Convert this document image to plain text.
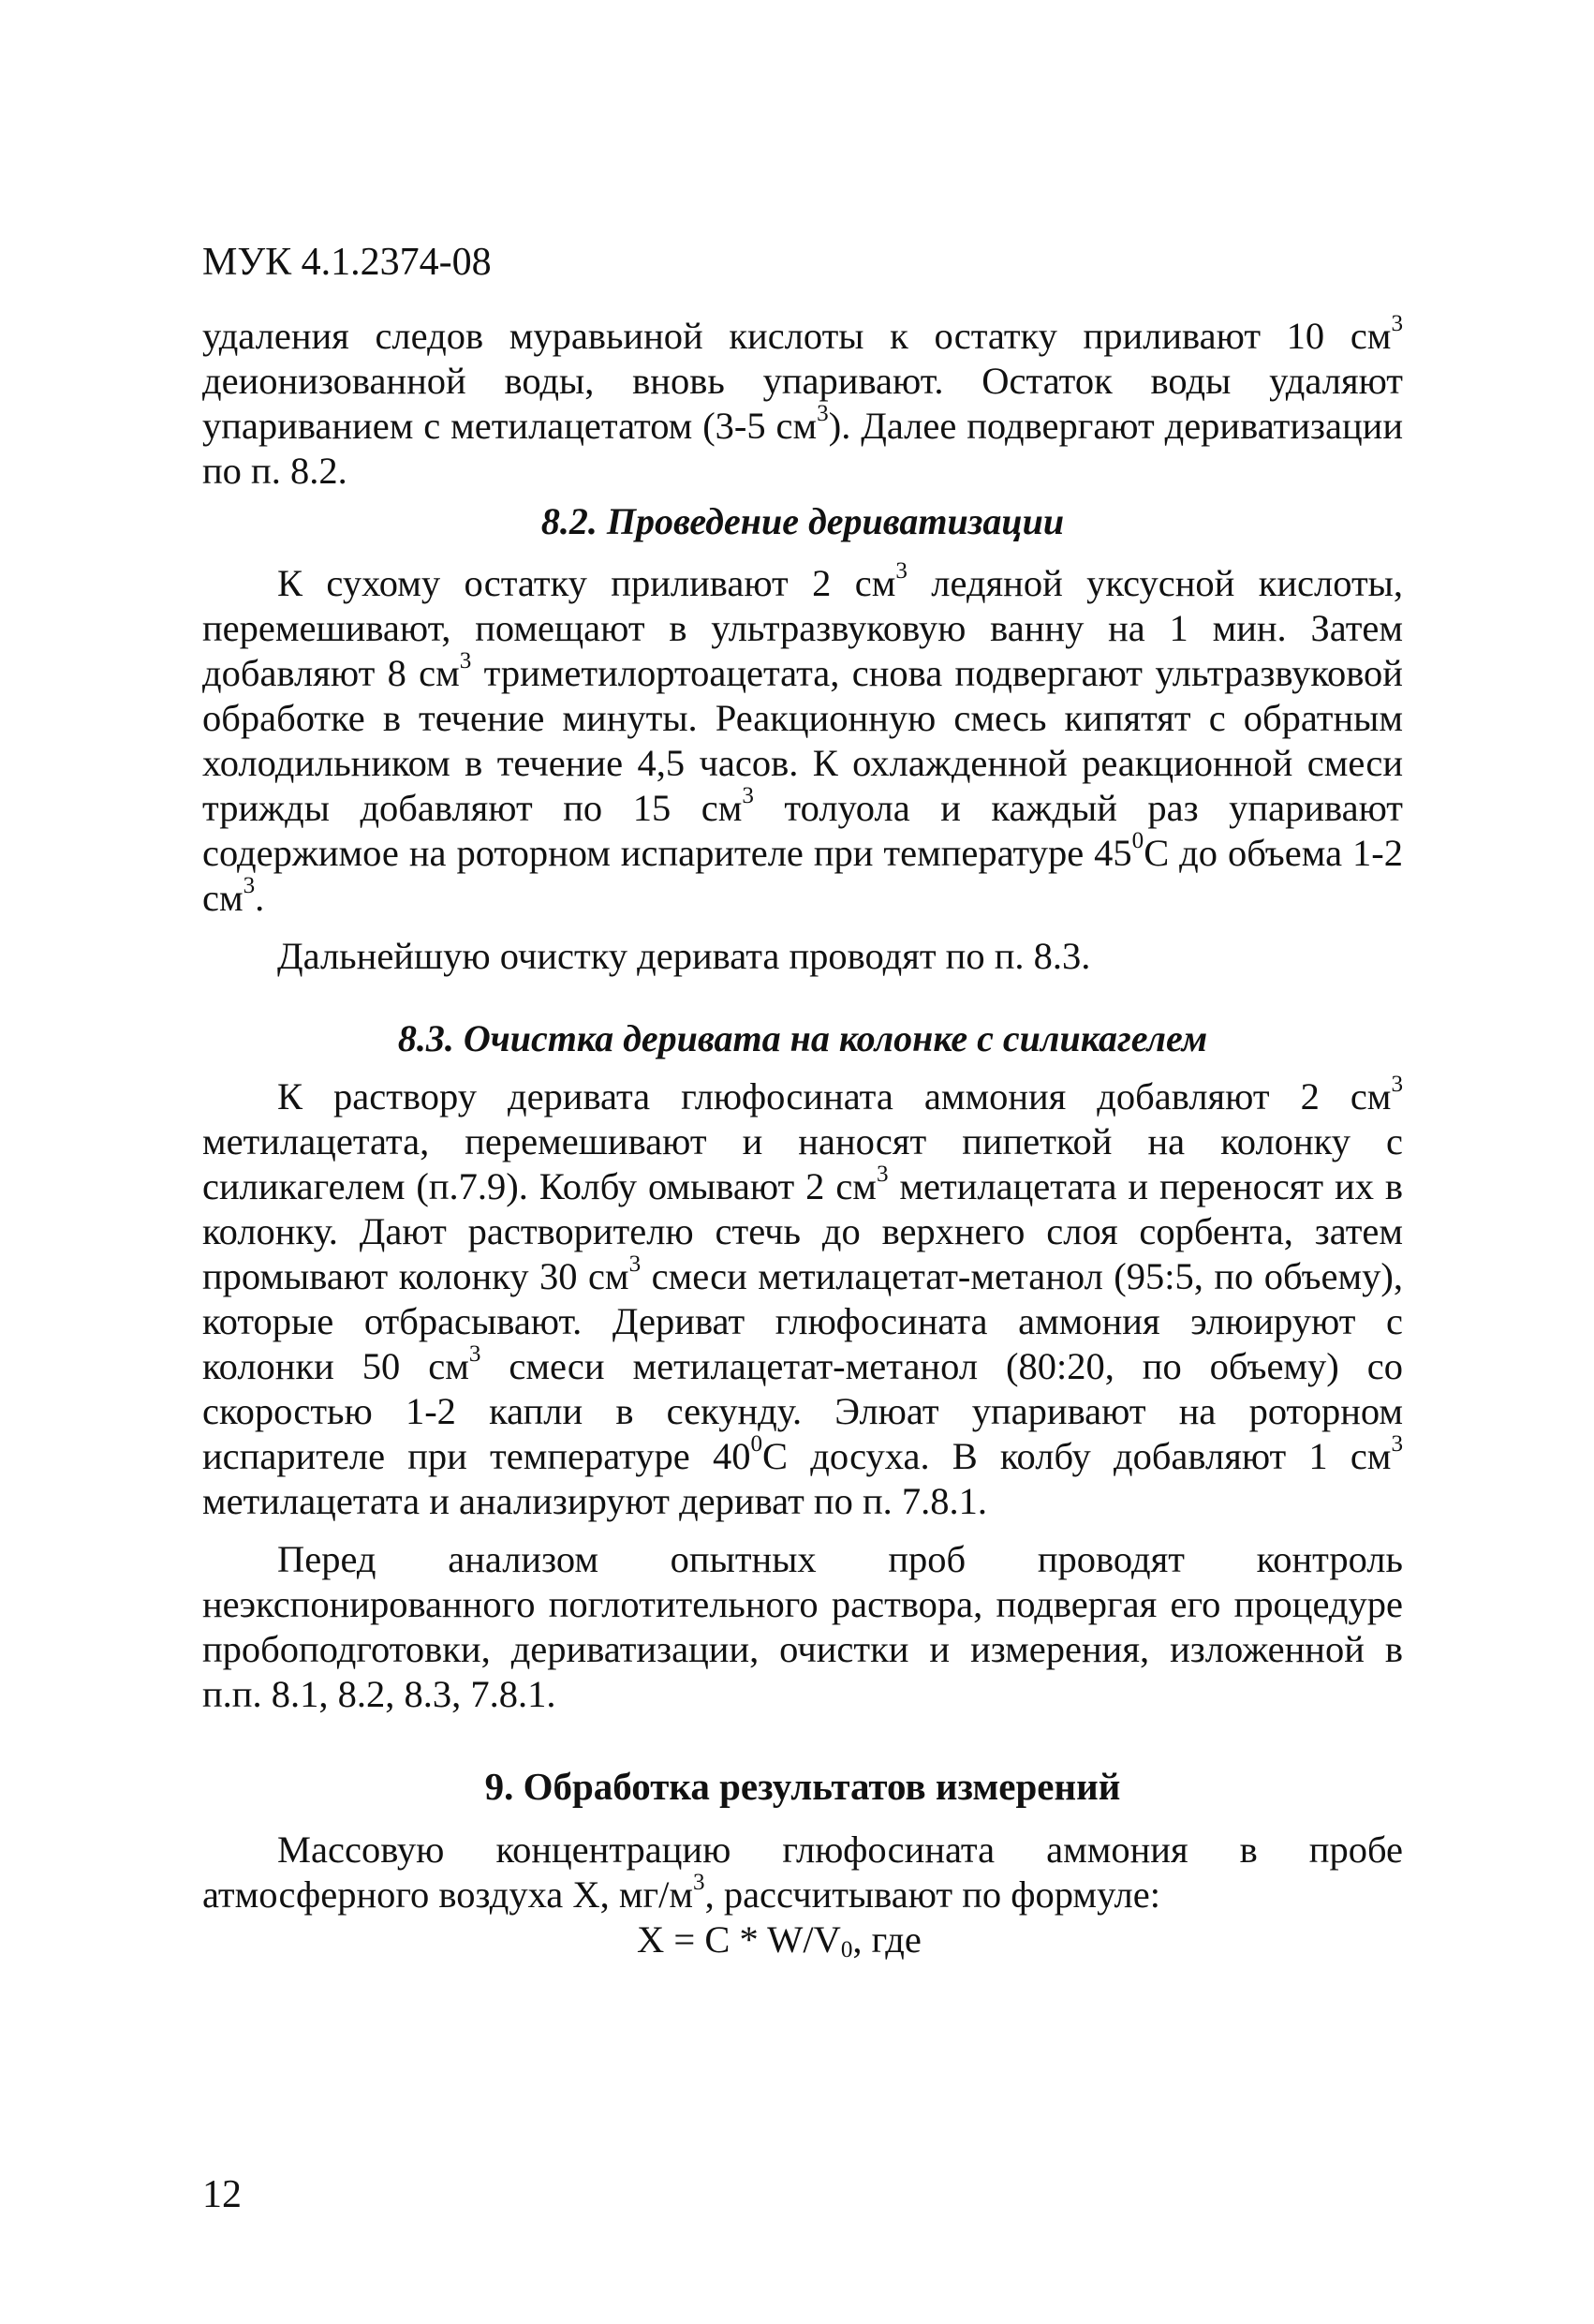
МУК 4.1.2374-08

удаления следов муравьиной кислоты к остатку приливают 10 $см^3$ деионизованной воды, вновь упаривают. Остаток воды удаляют упариванием с метилацетатом (3-5 $см^3$). Далее подвергают дериватизации по п. 8.2.

8.2. Проведение дериватизации

К сухому остатку приливают 2 $см^3$ ледяной уксусной кислоты, перемешивают, помещают в ультразвуковую ванну на 1 мин. Затем добавляют 8 $см^3$ триметилортоацетата, снова подвергают ультразвуковой обработке в течение минуты. Реакционную смесь кипятят с обратным холодильником в течение 4,5 часов. К охлажденной реакционной смеси трижды добавляют по 15 $см^3$ толуола и каждый раз упаривают содержимое на роторном испарителе при температуре $45^0С$ до объема 1-2 $см^3$.

Дальнейшую очистку деривата проводят по п. 8.3.

8.3. Очистка деривата на колонке с силикагелем

К раствору деривата глюфосината аммония добавляют 2 $см^3$ метилацетата, перемешивают и наносят пипеткой на колонку с силикагелем (п.7.9). Колбу омывают 2 $см^3$ метилацетата и переносят их в колонку. Дают растворителю стечь до верхнего слоя сорбента, затем промывают колонку 30 $см^3$ смеси метилацетат-метанол (95:5, по объему), которые отбрасывают. Дериват глюфосината аммония элюируют с колонки 50 $см^3$ смеси метилацетат-метанол (80:20, по объему) со скоростью 1-2 капли в секунду. Элюат упаривают на роторном испарителе при температуре $40^0С$ досуха. В колбу добавляют 1 $см^3$ метилацетата и анализируют дериват по п. 7.8.1.

Перед анализом опытных проб проводят контроль неэкспонированного поглотительного раствора, подвергая его процедуре пробоподготовки, дериватизации, очистки и измерения, изложенной в п.п. 8.1, 8.2, 8.3, 7.8.1.

9. Обработка результатов измерений

Массовую концентрацию глюфосината аммония в пробе атмосферного воздуха X, $мг/м^3$, рассчитывают по формуле:

$X = C * W/V_0$, где

12
